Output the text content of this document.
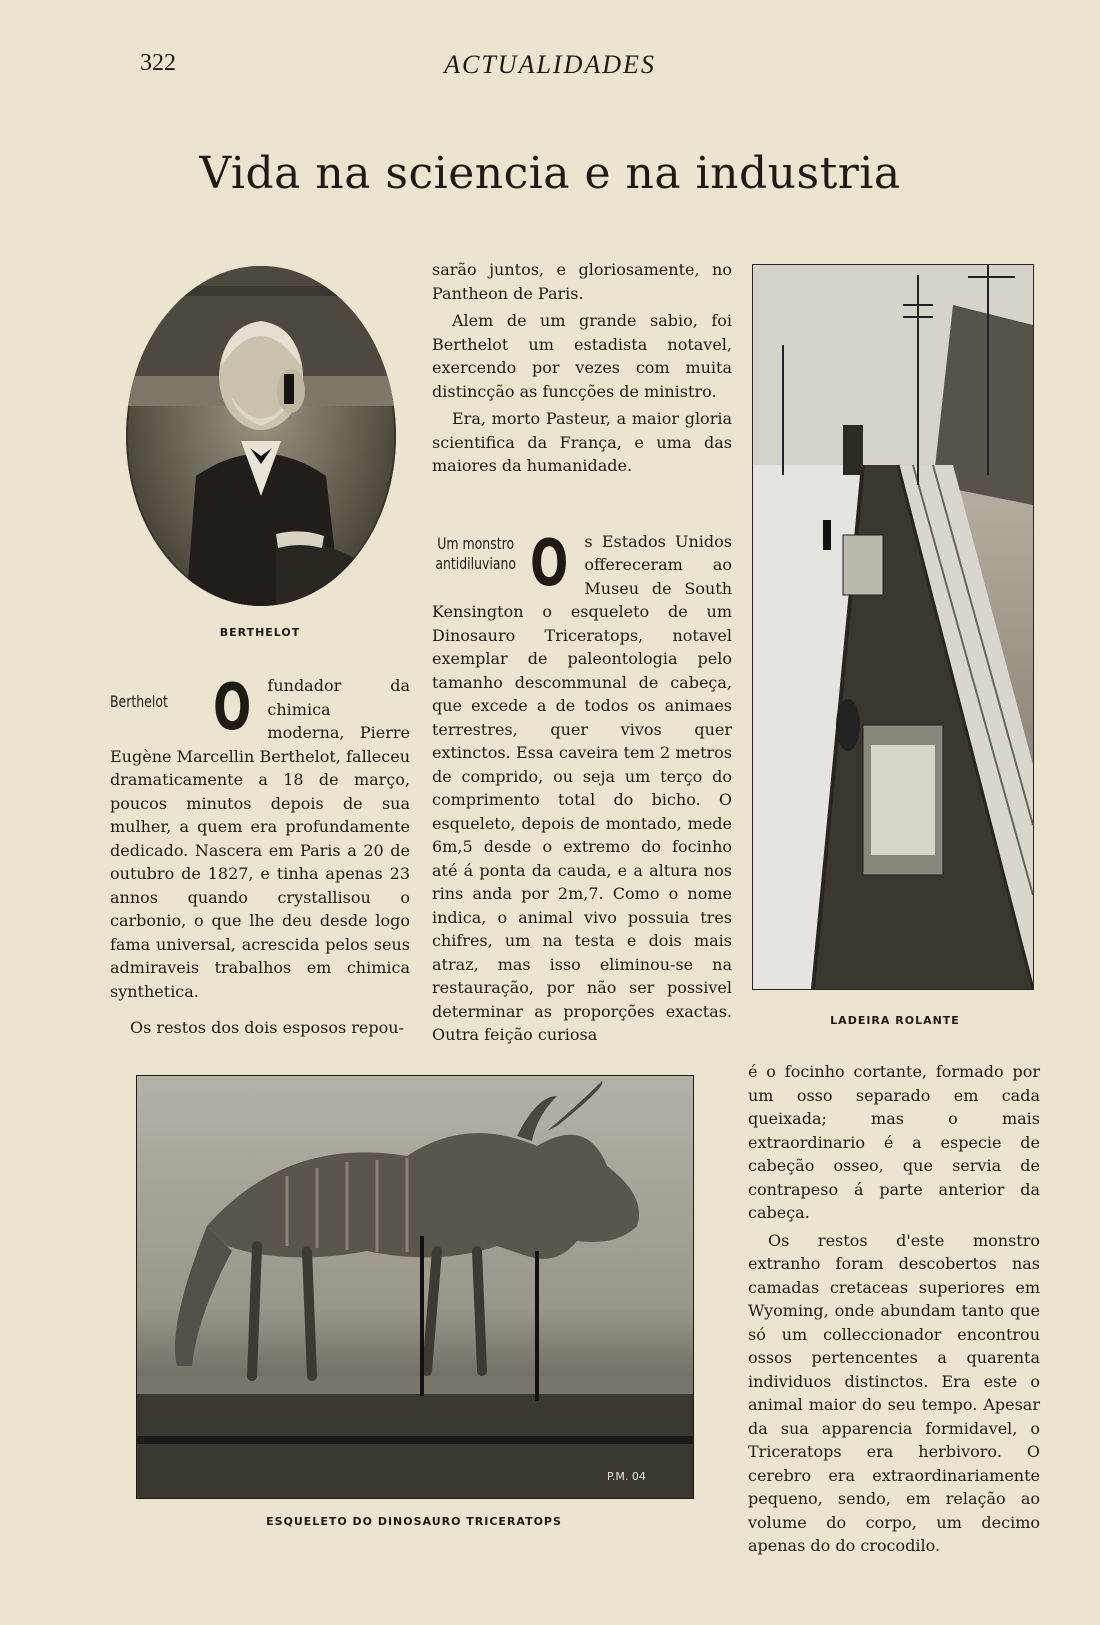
322	ACTUALIDADES
Vida na sciencia e na industria
BERTHELOT
Berthelot O	fundador da chimica moderna, Pierre Eugène Marcellin Berthelot, falleceu dramaticamente a 18 de março, poucos minutos depois de sua mulher, a quem era profundamente dedicado. Nascera em Paris a 20 de outubro de 1827, e tinha apenas 23 annos quando crystallisou o carbonio, o que lhe deu desde logo fama universal, acrescida pelos seus admiraveis trabalhos em chimica synthetica.

sarão juntos, e gloriosamente, no Pantheon de Paris.

Alem de um grande sabio, foi Berthelot um estadista notavel, exercendo por vezes com muita distincção as funcções de ministro.

Era, morto Pasteur, a maior gloria scientifica da França, e uma das maiores da humanidade.

Um monstro
antidiluviano O	s Estados Unidos offereceram ao Museu de South Kensington o esqueleto de um Dinosauro Triceratops, notavel exemplar de paleontologia pelo tamanho descommunal de cabeça, que excede a de todos os animaes terrestres, quer vivos quer extinctos. Essa caveira tem 2 metros de comprido, ou seja um terço do comprimento total do bicho. O esqueleto, depois de montado, mede 6m,5 desde o extremo do focinho até á ponta da cauda, e a altura nos rins anda por 2m,7. Como o nome indica, o animal vivo possuia tres chifres, um na testa e dois mais atraz, mas isso eliminou-se na restauração, por não ser possivel determinar as proporções exactas. Outra feição curiosa

LADEIRA ROLANTE

é o focinho cortante, formado por um osso separado em cada queixada; mas o mais extraordinario é a especie de cabeção osseo, que servia de contrapeso á parte anterior da cabeça.

Os restos d'este monstro extranho foram descobertos nas camadas cretaceas superiores em Wyoming, onde abundam tanto que só um colleccionador encontrou ossos pertencentes a quarenta individuos distinctos. Era este o animal maior do seu tempo. Apesar da sua apparencia formidavel, o Triceratops era herbivoro. O cerebro era extraordinariamente pequeno, sendo, em relação ao volume do corpo, um decimo apenas do do crocodilo.

P.M. 04
ESQUELETO DO DINOSAURO TRICERATOPS

Os restos dos dois esposos repou-
